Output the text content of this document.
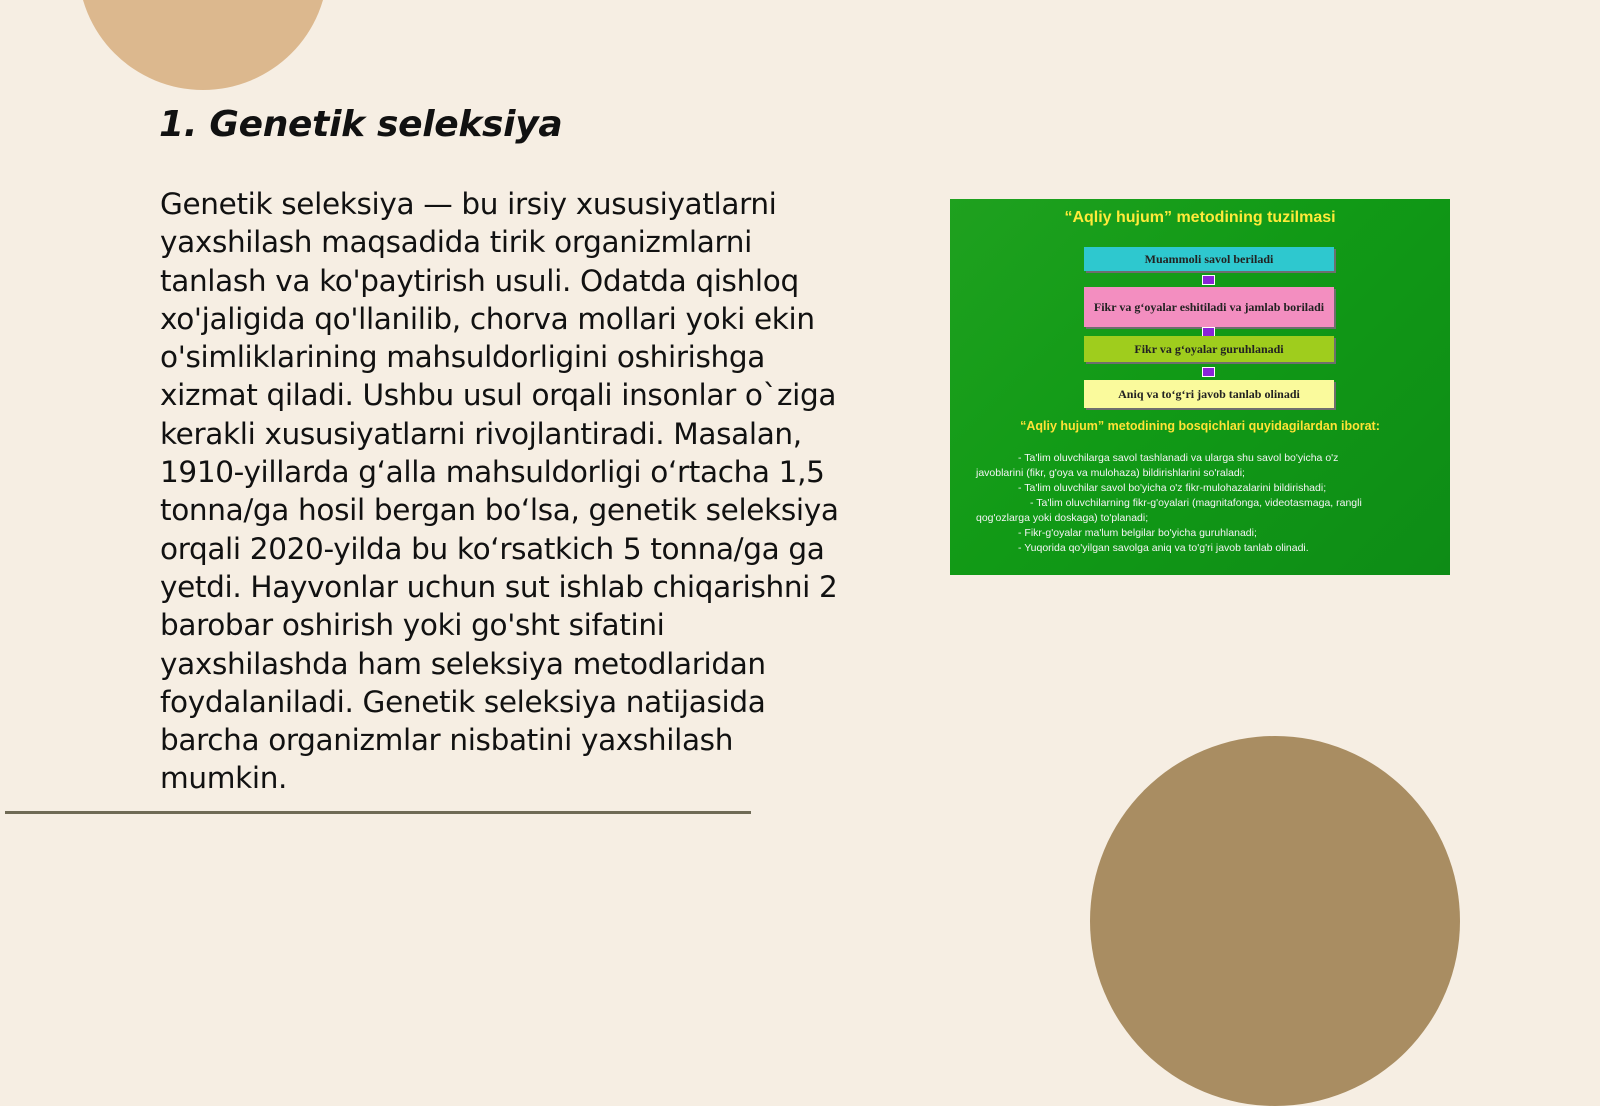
1. Genetik seleksiya

Genetik seleksiya — bu irsiy xususiyatlarni yaxshilash maqsadida tirik organizmlarni tanlash va ko'paytirish usuli. Odatda qishloq xo'jaligida qo'llanilib, chorva mollari yoki ekin o'simliklarining mahsuldorligini oshirishga xizmat qiladi. Ushbu usul orqali insonlar o`ziga kerakli xususiyatlarni rivojlantiradi. Masalan, 1910-yillarda g‘alla mahsuldorligi o‘rtacha 1,5 tonna/ga hosil bergan bo‘lsa, genetik seleksiya orqali 2020-yilda bu ko‘rsatkich 5 tonna/ga ga yetdi. Hayvonlar uchun sut ishlab chiqarishni 2 barobar oshirish yoki go'sht sifatini yaxshilashda ham seleksiya metodlaridan foydalaniladi. Genetik seleksiya natijasida barcha organizmlar nisbatini yaxshilash mumkin.

“Aqliy hujum” metodining tuzilmasi
Muammoli savol beriladi
Fikr va g‘oyalar eshitiladi va jamlab boriladi
Fikr va g‘oyalar guruhlanadi
Aniq va to‘g‘ri javob tanlab olinadi
“Aqliy hujum” metodining bosqichlari quyidagilardan iborat:

- Ta'lim oluvchilarga savol tashlanadi va ularga shu savol bo'yicha o'z

javoblarini (fikr, g'oya va mulohaza) bildirishlarini so'raladi;

- Ta'lim oluvchilar savol bo'yicha o'z fikr-mulohazalarini bildirishadi;

- Ta'lim oluvchilarning fikr-g'oyalari (magnitafonga, videotasmaga, rangli

qog'ozlarga yoki doskaga) to'planadi;

- Fikr-g'oyalar ma'lum belgilar bo'yicha guruhlanadi;

- Yuqorida qo'yilgan savolga aniq va to'g'ri javob tanlab olinadi.
